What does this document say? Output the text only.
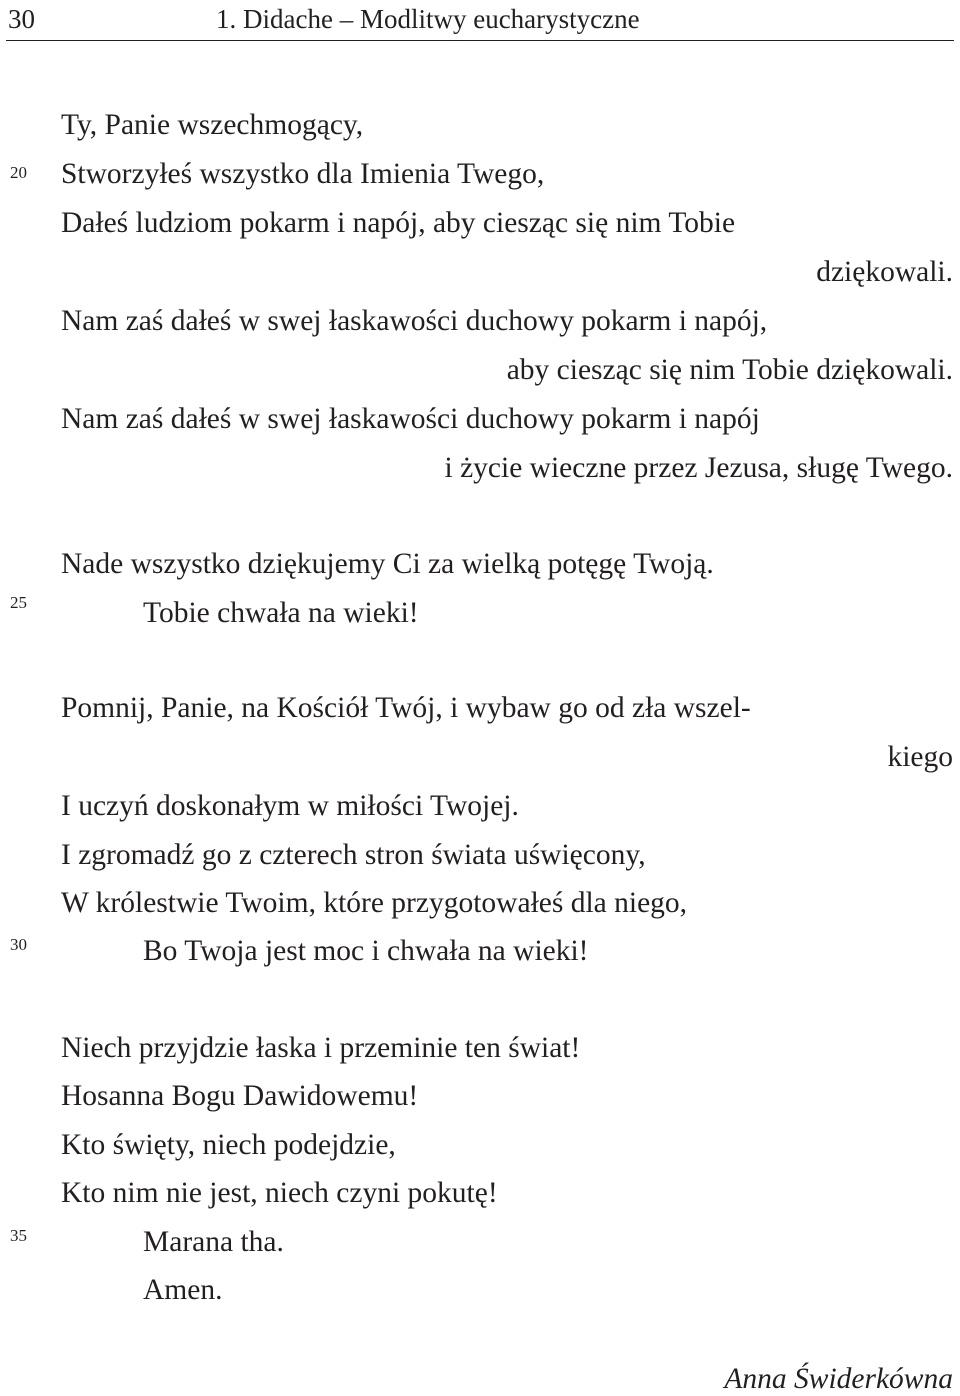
30	1. Didache – Modlitwy eucharystyczne
20
25
30
35
Ty, Panie wszechmogący,
Stworzyłeś wszystko dla Imienia Twego,
Dałeś ludziom pokarm i napój, aby ciesząc się nim Tobie
dziękowali.
Nam zaś dałeś w swej łaskawości duchowy pokarm i napój,
aby ciesząc się nim Tobie dziękowali.
Nam zaś dałeś w swej łaskawości duchowy pokarm i napój
i życie wieczne przez Jezusa, sługę Twego.
Nade wszystko dziękujemy Ci za wielką potęgę Twoją.
Tobie chwała na wieki!
Pomnij, Panie, na Kościół Twój, i wybaw go od zła wszel-
kiego
I uczyń doskonałym w miłości Twojej.
I zgromadź go z czterech stron świata uświęcony,
W królestwie Twoim, które przygotowałeś dla niego,
Bo Twoja jest moc i chwała na wieki!
Niech przyjdzie łaska i przeminie ten świat!
Hosanna Bogu Dawidowemu!
Kto święty, niech podejdzie,
Kto nim nie jest, niech czyni pokutę!
Marana tha.
Amen.
Anna Świderkówna
